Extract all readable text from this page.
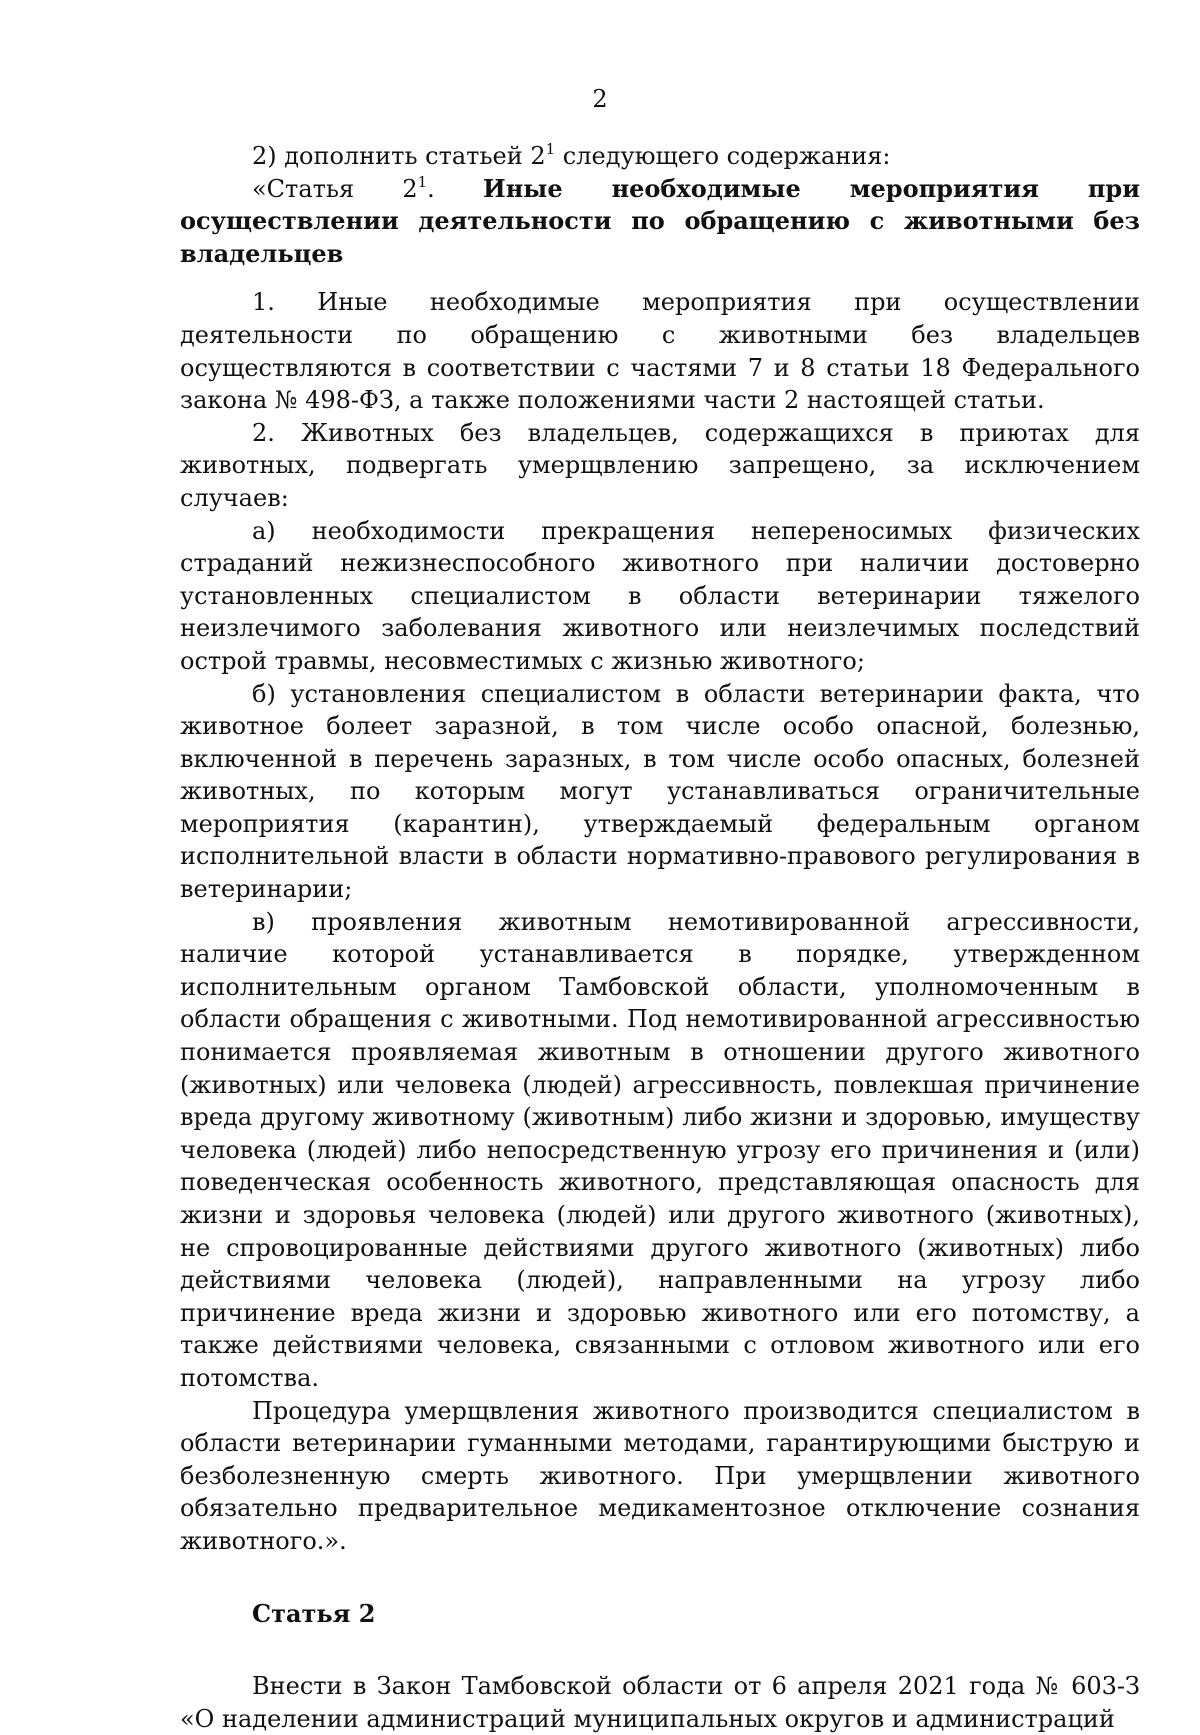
2

2) дополнить статьей $2^1$ следующего содержания:

«Статья $2^1$. Иные необходимые мероприятия при осуществлении деятельности по обращению с животными без владельцев

1. Иные необходимые мероприятия при осуществлении деятельности по обращению с животными без владельцев осуществляются в соответствии с частями 7 и 8 статьи 18 Федерального закона № 498-ФЗ, а также положениями части 2 настоящей статьи.

2. Животных без владельцев, содержащихся в приютах для животных, подвергать умерщвлению запрещено, за исключением случаев:

а) необходимости прекращения непереносимых физических страданий нежизнеспособного животного при наличии достоверно установленных специалистом в области ветеринарии тяжелого неизлечимого заболевания животного или неизлечимых последствий острой травмы, несовместимых с жизнью животного;

б) установления специалистом в области ветеринарии факта, что животное болеет заразной, в том числе особо опасной, болезнью, включенной в перечень заразных, в том числе особо опасных, болезней животных, по которым могут устанавливаться ограничительные мероприятия (карантин), утверждаемый федеральным органом исполнительной власти в области нормативно-правового регулирования в ветеринарии;

в) проявления животным немотивированной агрессивности, наличие которой устанавливается в порядке, утвержденном исполнительным органом Тамбовской области, уполномоченным в области обращения с животными. Под немотивированной агрессивностью понимается проявляемая животным в отношении другого животного (животных) или человека (людей) агрессивность, повлекшая причинение вреда другому животному (животным) либо жизни и здоровью, имуществу человека (людей) либо непосредственную угрозу его причинения и (или) поведенческая особенность животного, представляющая опасность для жизни и здоровья человека (людей) или другого животного (животных), не спровоцированные действиями другого животного (животных) либо действиями человека (людей), направленными на угрозу либо причинение вреда жизни и здоровью животного или его потомству, а также действиями человека, связанными с отловом животного или его потомства.

Процедура умерщвления животного производится специалистом в области ветеринарии гуманными методами, гарантирующими быструю и безболезненную смерть животного. При умерщвлении животного обязательно предварительное медикаментозное отключение сознания животного.».

Статья 2

Внести в Закон Тамбовской области от 6 апреля 2021 года № 603-З «О наделении администраций муниципальных округов и администраций
